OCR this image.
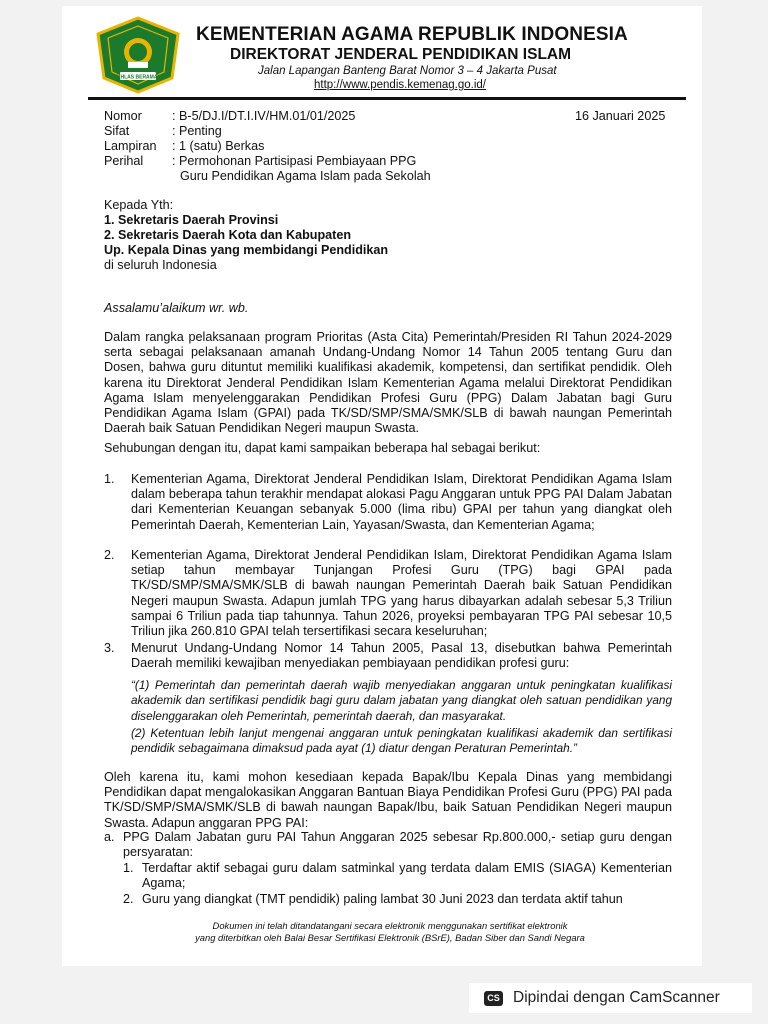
IKHLAS BERAMAL
KEMENTERIAN AGAMA REPUBLIK INDONESIA
DIREKTORAT JENDERAL PENDIDIKAN ISLAM
Jalan Lapangan Banteng Barat Nomor 3 – 4 Jakarta Pusat
http://www.pendis.kemenag.go.id/
Nomor	: B-5/DJ.I/DT.I.IV/HM.01/01/2025
Sifat	: Penting
Lampiran	: 1 (satu) Berkas
Perihal	: Permohonan Partisipasi Pembiayaan PPG
Guru Pendidikan Agama Islam pada Sekolah
16 Januari 2025
Kepada Yth:
1. Sekretaris Daerah Provinsi
2. Sekretaris Daerah Kota dan Kabupaten
Up. Kepala Dinas yang membidangi Pendidikan
di seluruh Indonesia
Assalamu’alaikum wr. wb.
Dalam rangka pelaksanaan program Prioritas (Asta Cita) Pemerintah/Presiden RI Tahun 2024-2029 serta sebagai pelaksanaan amanah Undang-Undang Nomor 14 Tahun 2005 tentang Guru dan Dosen, bahwa guru dituntut memiliki kualifikasi akademik, kompetensi, dan sertifikat pendidik. Oleh karena itu Direktorat Jenderal Pendidikan Islam Kementerian Agama melalui Direktorat Pendidikan Agama Islam menyelenggarakan Pendidikan Profesi Guru (PPG) Dalam Jabatan bagi Guru Pendidikan Agama Islam (GPAI) pada TK/SD/SMP/SMA/SMK/SLB di bawah naungan Pemerintah Daerah baik Satuan Pendidikan Negeri maupun Swasta.
Sehubungan dengan itu, dapat kami sampaikan beberapa hal sebagai berikut:
1. Kementerian Agama, Direktorat Jenderal Pendidikan Islam, Direktorat Pendidikan Agama Islam dalam beberapa tahun terakhir mendapat alokasi Pagu Anggaran untuk PPG PAI Dalam Jabatan dari Kementerian Keuangan sebanyak 5.000 (lima ribu) GPAI per tahun yang diangkat oleh Pemerintah Daerah, Kementerian Lain, Yayasan/Swasta, dan Kementerian Agama;
2. Kementerian Agama, Direktorat Jenderal Pendidikan Islam, Direktorat Pendidikan Agama Islam setiap tahun membayar Tunjangan Profesi Guru (TPG) bagi GPAI pada TK/SD/SMP/SMA/SMK/SLB di bawah naungan Pemerintah Daerah baik Satuan Pendidikan Negeri maupun Swasta. Adapun jumlah TPG yang harus dibayarkan adalah sebesar 5,3 Triliun sampai 6 Triliun pada tiap tahunnya. Tahun 2026, proyeksi pembayaran TPG PAI sebesar 10,5 Triliun jika 260.810 GPAI telah tersertifikasi secara keseluruhan;
3. Menurut Undang-Undang Nomor 14 Tahun 2005, Pasal 13, disebutkan bahwa Pemerintah Daerah memiliki kewajiban menyediakan pembiayaan pendidikan profesi guru:
“(1) Pemerintah dan pemerintah daerah wajib menyediakan anggaran untuk peningkatan kualifikasi akademik dan sertifikasi pendidik bagi guru dalam jabatan yang diangkat oleh satuan pendidikan yang diselenggarakan oleh Pemerintah, pemerintah daerah, dan masyarakat.
(2) Ketentuan lebih lanjut mengenai anggaran untuk peningkatan kualifikasi akademik dan sertifikasi pendidik sebagaimana dimaksud pada ayat (1) diatur dengan Peraturan Pemerintah.”
Oleh karena itu, kami mohon kesediaan kepada Bapak/Ibu Kepala Dinas yang membidangi Pendidikan dapat mengalokasikan Anggaran Bantuan Biaya Pendidikan Profesi Guru (PPG) PAI pada TK/SD/SMP/SMA/SMK/SLB di bawah naungan Bapak/Ibu, baik Satuan Pendidikan Negeri maupun Swasta. Adapun anggaran PPG PAI:
a. PPG Dalam Jabatan guru PAI Tahun Anggaran 2025 sebesar Rp.800.000,- setiap guru dengan persyaratan:
1. Terdaftar aktif sebagai guru dalam satminkal yang terdata dalam EMIS (SIAGA) Kementerian Agama;
2. Guru yang diangkat (TMT pendidik) paling lambat 30 Juni 2023 dan terdata aktif tahun
Dokumen ini telah ditandatangani secara elektronik menggunakan sertifikat elektronik
yang diterbitkan oleh Balai Besar Sertifikasi Elektronik (BSrE), Badan Siber dan Sandi Negara
CS Dipindai dengan CamScanner
